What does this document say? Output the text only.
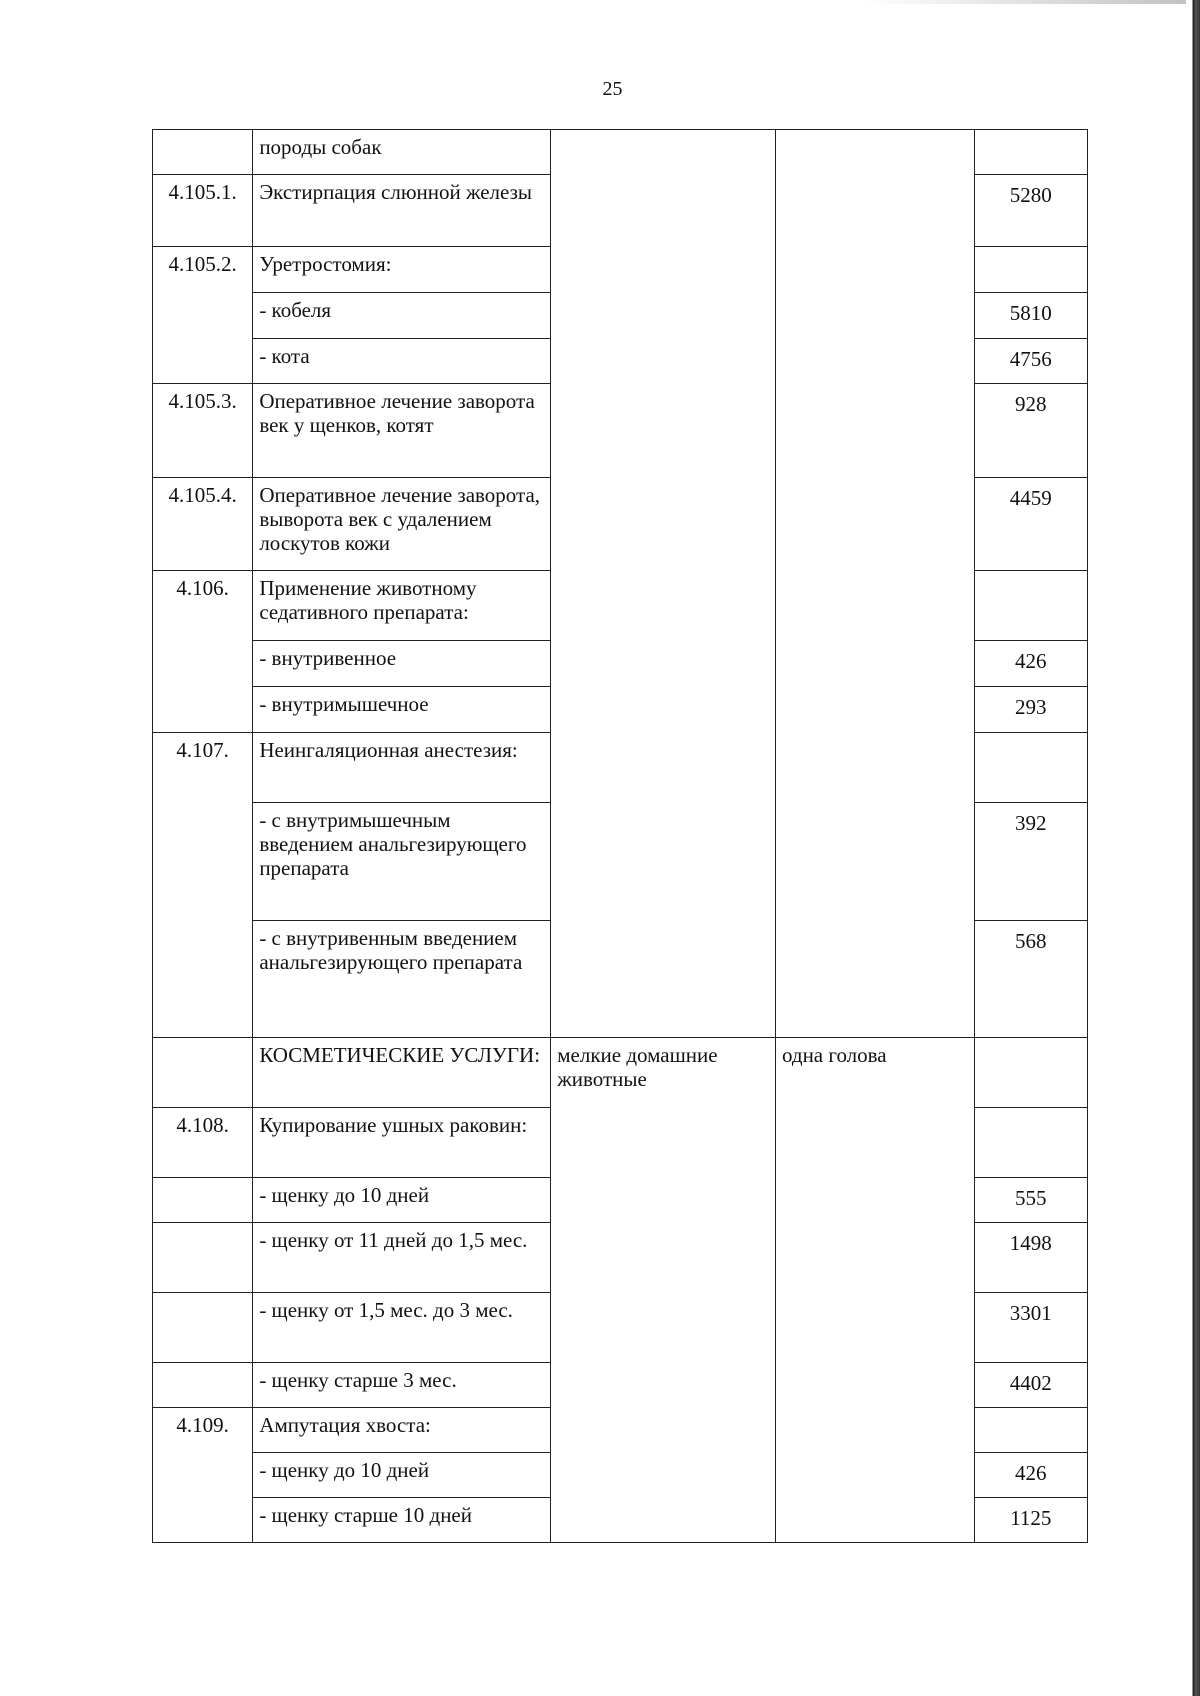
25
	породы собак			
4.105.1.	Экстирпация слюнной железы			5280
4.105.2.	Уретростомия:			
	- кобеля			5810
	- кота			4756
4.105.3.	Оперативное лечение заворота век у щенков, котят			928
4.105.4.	Оперативное лечение заворота, выворота век с удалением лоскутов кожи			4459
4.106.	Применение животному седативного препарата:			
	- внутривенное			426
	- внутримышечное			293
4.107.	Неингаляционная анестезия:			
	- с внутримышечным введением анальгезирующего препарата			392
	- с внутривенным введением анальгезирующего препарата			568
	КОСМЕТИЧЕСКИЕ УСЛУГИ:	мелкие домашние животные	одна голова	
4.108.	Купирование ушных раковин:			
	- щенку до 10 дней			555
	- щенку от 11 дней до 1,5 мес.			1498
	- щенку от 1,5 мес. до 3 мес.			3301
	- щенку старше 3 мес.			4402
4.109.	Ампутация хвоста:			
	- щенку до 10 дней			426
	- щенку старше 10 дней			1125
